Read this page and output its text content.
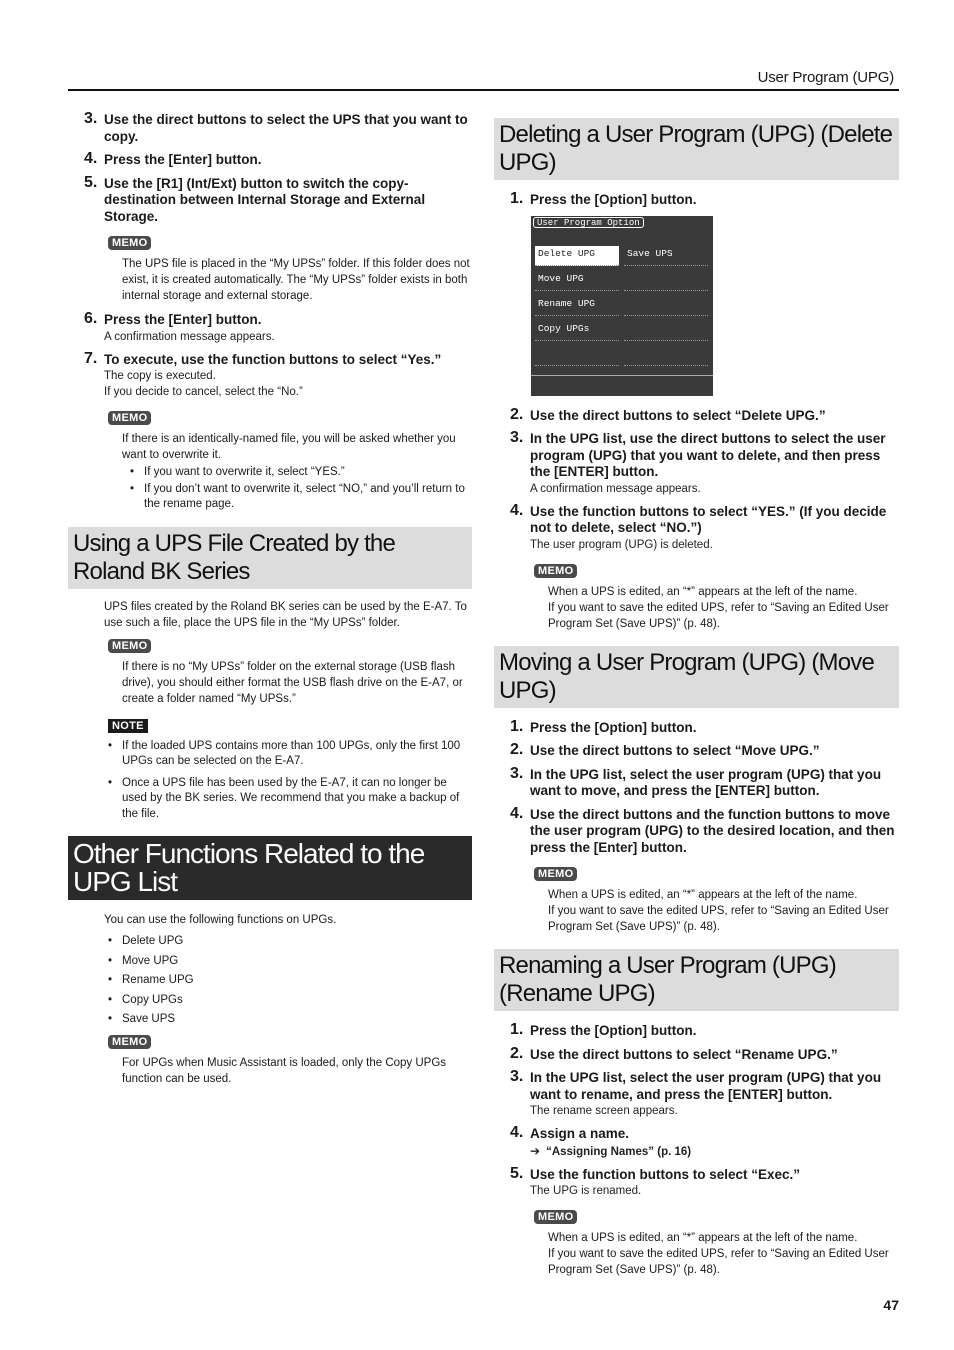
User Program (UPG)
3. Use the direct buttons to select the UPS that you want to copy.
4. Press the [Enter] button.
5. Use the [R1] (Int/Ext) button to switch the copy-destination between Internal Storage and External Storage.
MEMO
The UPS file is placed in the “My UPSs” folder. If this folder does not exist, it is created automatically. The “My UPSs” folder exists in both internal storage and external storage.
6. Press the [Enter] button.
A confirmation message appears.
7. To execute, use the function buttons to select “Yes.”
The copy is executed.
If you decide to cancel, select the “No.”
MEMO
If there is an identically-named file, you will be asked whether you want to overwrite it.
• If you want to overwrite it, select “YES.”
• If you don’t want to overwrite it, select “NO,” and you’ll return to the rename page.
Using a UPS File Created by the Roland BK Series
UPS files created by the Roland BK series can be used by the E-A7. To use such a file, place the UPS file in the “My UPSs” folder.
MEMO
If there is no “My UPSs” folder on the external storage (USB flash drive), you should either format the USB flash drive on the E-A7, or create a folder named “My UPSs.”
NOTE
• If the loaded UPS contains more than 100 UPGs, only the first 100 UPGs can be selected on the E-A7.
• Once a UPS file has been used by the E-A7, it can no longer be used by the BK series. We recommend that you make a backup of the file.
Other Functions Related to the UPG List
You can use the following functions on UPGs.
• Delete UPG
• Move UPG
• Rename UPG
• Copy UPGs
• Save UPS
MEMO
For UPGs when Music Assistant is loaded, only the Copy UPGs function can be used.
Deleting a User Program (UPG) (Delete UPG)
1. Press the [Option] button.
User Program Option
Delete UPG
Move UPG
Rename UPG
Copy UPGs
Save UPS
2. Use the direct buttons to select “Delete UPG.”
3. In the UPG list, use the direct buttons to select the user program (UPG) that you want to delete, and then press the [ENTER] button.
A confirmation message appears.
4. Use the function buttons to select “YES.” (If you decide not to delete, select “NO.”)
The user program (UPG) is deleted.
MEMO
When a UPS is edited, an “*” appears at the left of the name.
If you want to save the edited UPS, refer to “Saving an Edited User Program Set (Save UPS)” (p. 48).
Moving a User Program (UPG) (Move UPG)
1. Press the [Option] button.
2. Use the direct buttons to select “Move UPG.”
3. In the UPG list, select the user program (UPG) that you want to move, and press the [ENTER] button.
4. Use the direct buttons and the function buttons to move the user program (UPG) to the desired location, and then press the [Enter] button.
MEMO
When a UPS is edited, an “*” appears at the left of the name.
If you want to save the edited UPS, refer to “Saving an Edited User Program Set (Save UPS)” (p. 48).
Renaming a User Program (UPG) (Rename UPG)
1. Press the [Option] button.
2. Use the direct buttons to select “Rename UPG.”
3. In the UPG list, select the user program (UPG) that you want to rename, and press the [ENTER] button.
The rename screen appears.
4. Assign a name.
➔ “Assigning Names” (p. 16)
5. Use the function buttons to select “Exec.”
The UPG is renamed.
MEMO
When a UPS is edited, an “*” appears at the left of the name.
If you want to save the edited UPS, refer to “Saving an Edited User Program Set (Save UPS)” (p. 48).
47
